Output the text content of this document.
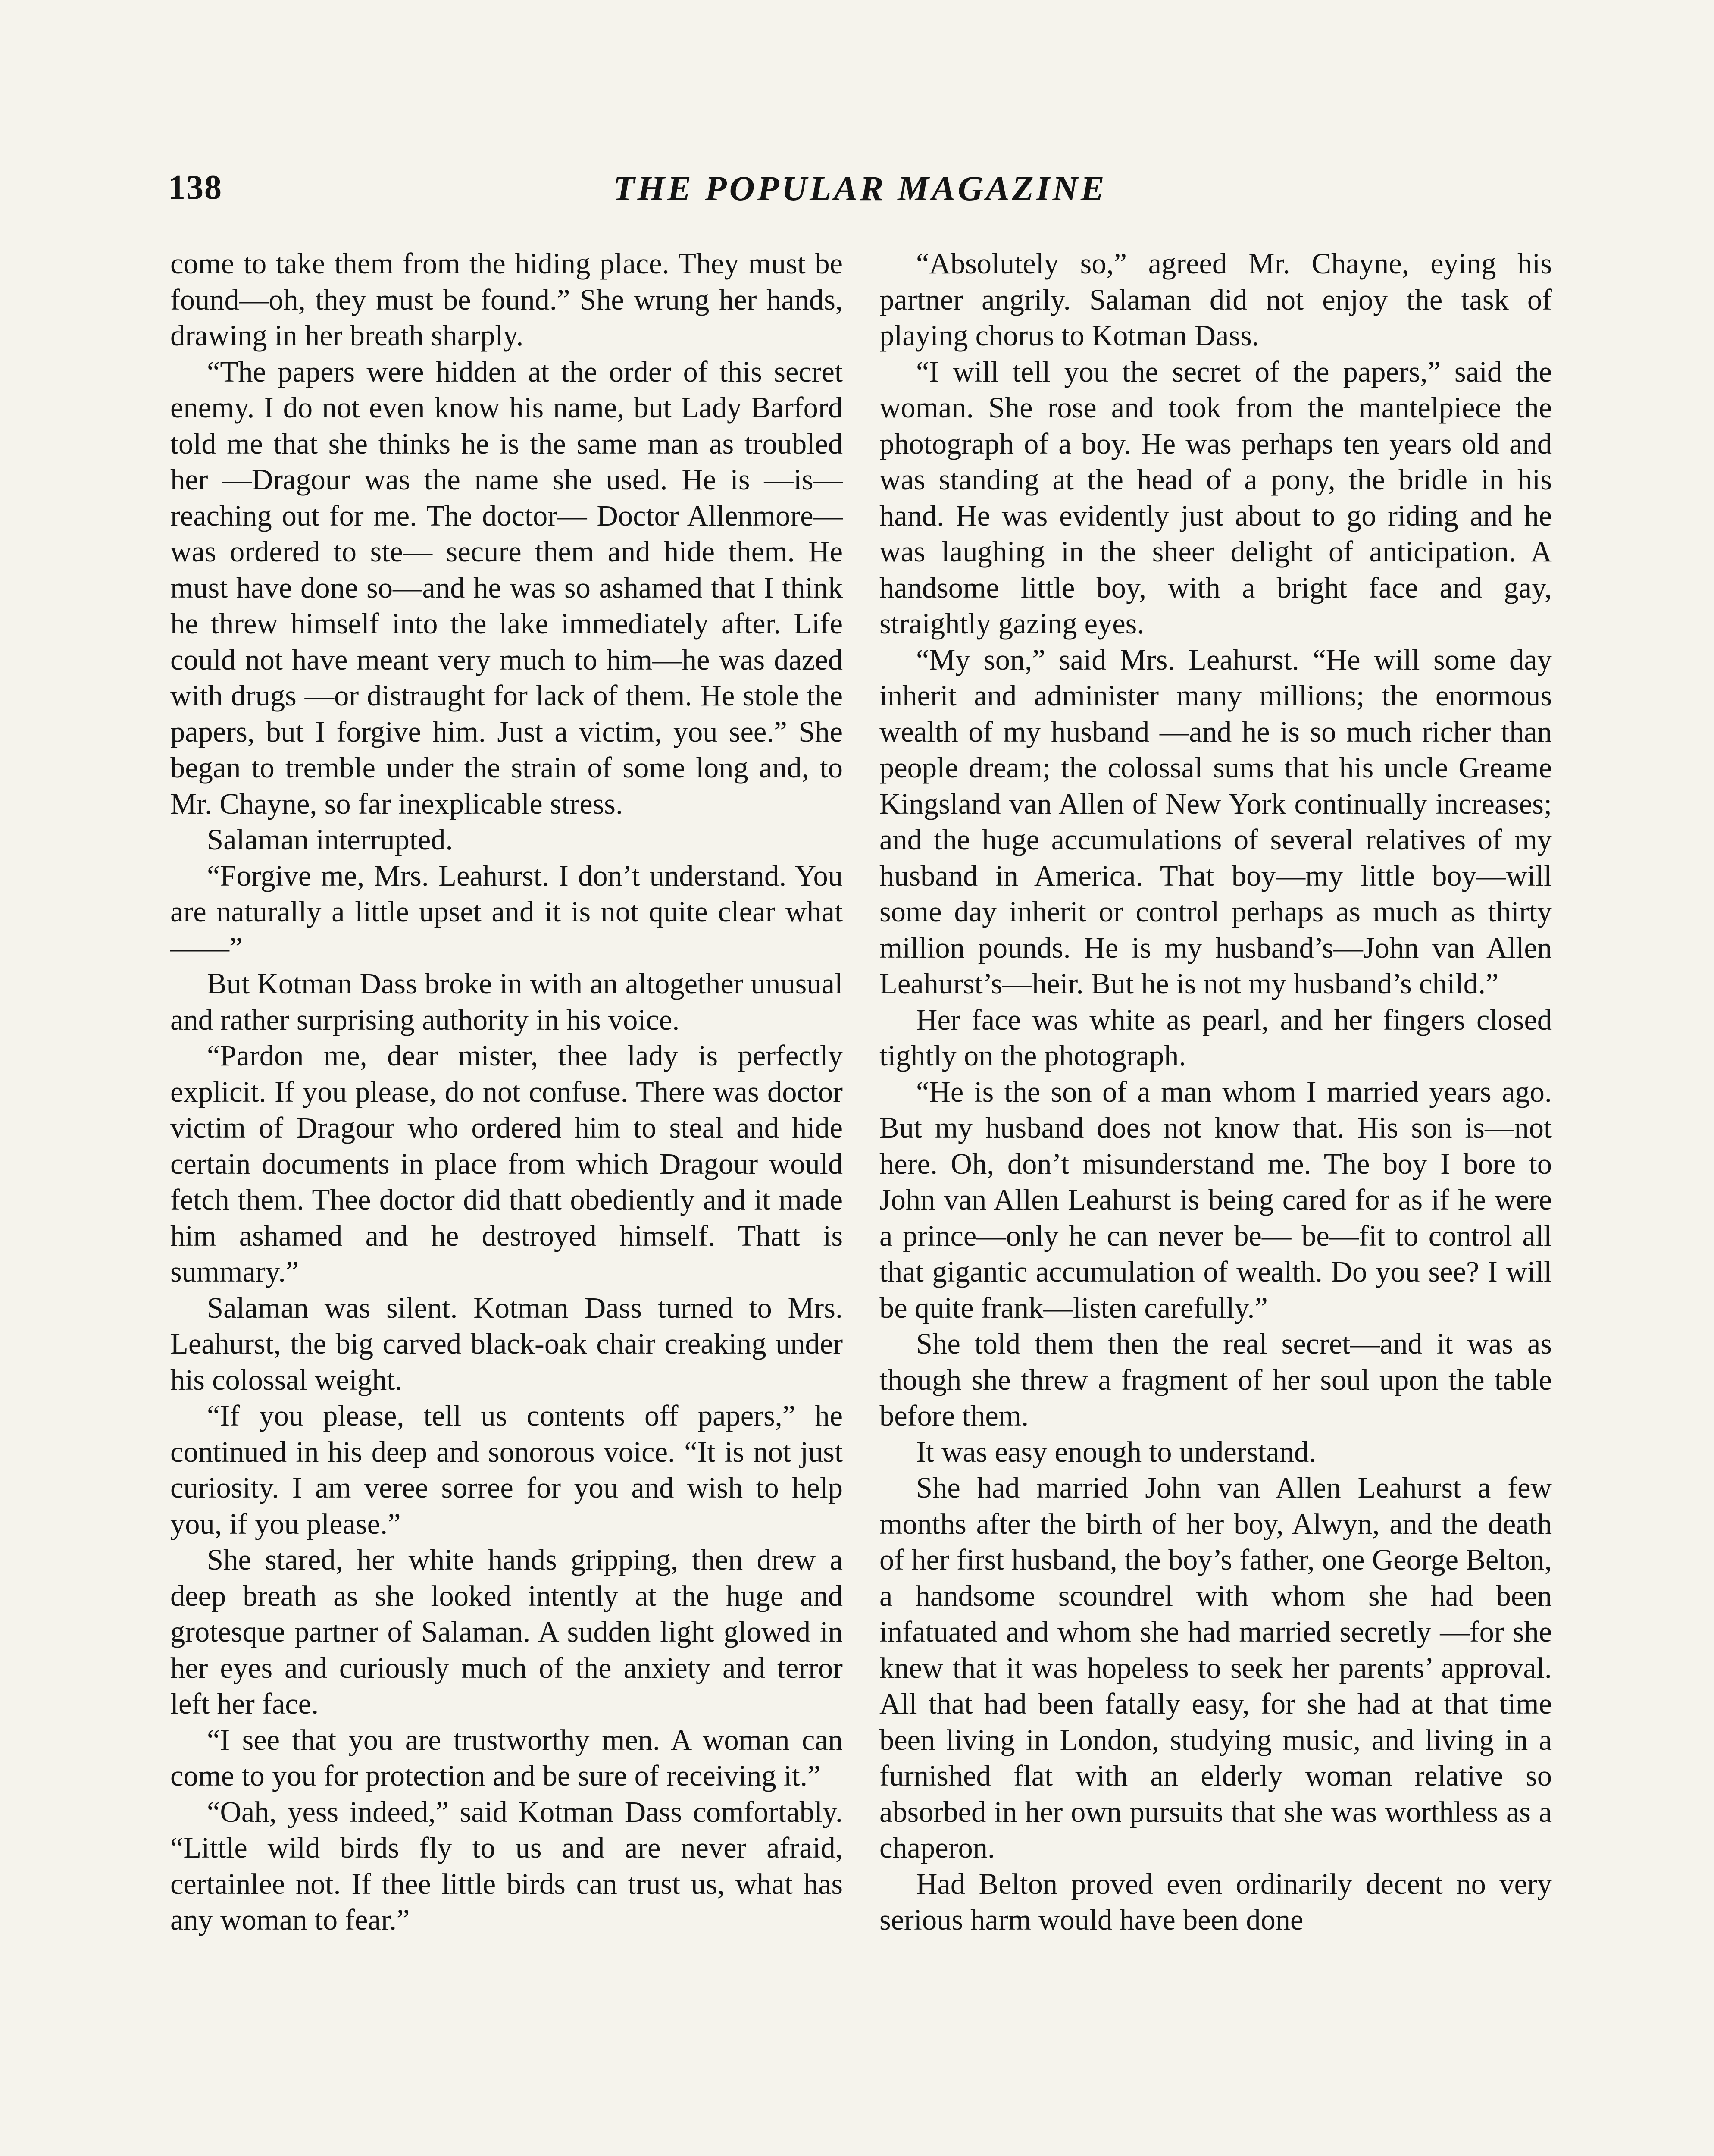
138	THE POPULAR MAGAZINE

come to take them from the hiding place. They must be found—oh, they must be found.” She wrung her hands, drawing in her breath sharply.

“The papers were hidden at the order of this secret enemy. I do not even know his name, but Lady Barford told me that she thinks he is the same man as troubled her —Dragour was the name she used. He is —is—reaching out for me. The doctor— Doctor Allenmore—was ordered to ste— secure them and hide them. He must have done so—and he was so ashamed that I think he threw himself into the lake immediately after. Life could not have meant very much to him—he was dazed with drugs —or distraught for lack of them. He stole the papers, but I forgive him. Just a victim, you see.” She began to tremble under the strain of some long and, to Mr. Chayne, so far inexplicable stress.

Salaman interrupted.

“Forgive me, Mrs. Leahurst. I don’t understand. You are naturally a little upset and it is not quite clear what——”

But Kotman Dass broke in with an altogether unusual and rather surprising authority in his voice.

“Pardon me, dear mister, thee lady is perfectly explicit. If you please, do not confuse. There was doctor victim of Dragour who ordered him to steal and hide certain documents in place from which Dragour would fetch them. Thee doctor did thatt obediently and it made him ashamed and he destroyed himself. Thatt is summary.”

Salaman was silent. Kotman Dass turned to Mrs. Leahurst, the big carved black-oak chair creaking under his colossal weight.

“If you please, tell us contents off papers,” he continued in his deep and sonorous voice. “It is not just curiosity. I am veree sorree for you and wish to help you, if you please.”

She stared, her white hands gripping, then drew a deep breath as she looked intently at the huge and grotesque partner of Salaman. A sudden light glowed in her eyes and curiously much of the anxiety and terror left her face.

“I see that you are trustworthy men. A woman can come to you for protection and be sure of receiving it.”

“Oah, yess indeed,” said Kotman Dass comfortably. “Little wild birds fly to us and are never afraid, certainlee not. If thee little birds can trust us, what has any woman to fear.”

“Absolutely so,” agreed Mr. Chayne, eying his partner angrily. Salaman did not enjoy the task of playing chorus to Kotman Dass.

“I will tell you the secret of the papers,” said the woman. She rose and took from the mantelpiece the photograph of a boy. He was perhaps ten years old and was standing at the head of a pony, the bridle in his hand. He was evidently just about to go riding and he was laughing in the sheer delight of anticipation. A handsome little boy, with a bright face and gay, straightly gazing eyes.

“My son,” said Mrs. Leahurst. “He will some day inherit and administer many millions; the enormous wealth of my husband —and he is so much richer than people dream; the colossal sums that his uncle Greame Kingsland van Allen of New York continually increases; and the huge accumulations of several relatives of my husband in America. That boy—my little boy—will some day inherit or control perhaps as much as thirty million pounds. He is my husband’s—John van Allen Leahurst’s—heir. But he is not my husband’s child.”

Her face was white as pearl, and her fingers closed tightly on the photograph.

“He is the son of a man whom I married years ago. But my husband does not know that. His son is—not here. Oh, don’t misunderstand me. The boy I bore to John van Allen Leahurst is being cared for as if he were a prince—only he can never be— be—fit to control all that gigantic accumulation of wealth. Do you see? I will be quite frank—listen carefully.”

She told them then the real secret—and it was as though she threw a fragment of her soul upon the table before them.

It was easy enough to understand.

She had married John van Allen Leahurst a few months after the birth of her boy, Alwyn, and the death of her first husband, the boy’s father, one George Belton, a handsome scoundrel with whom she had been infatuated and whom she had married secretly —for she knew that it was hopeless to seek her parents’ approval. All that had been fatally easy, for she had at that time been living in London, studying music, and living in a furnished flat with an elderly woman relative so absorbed in her own pursuits that she was worthless as a chaperon.

Had Belton proved even ordinarily decent no very serious harm would have been done
